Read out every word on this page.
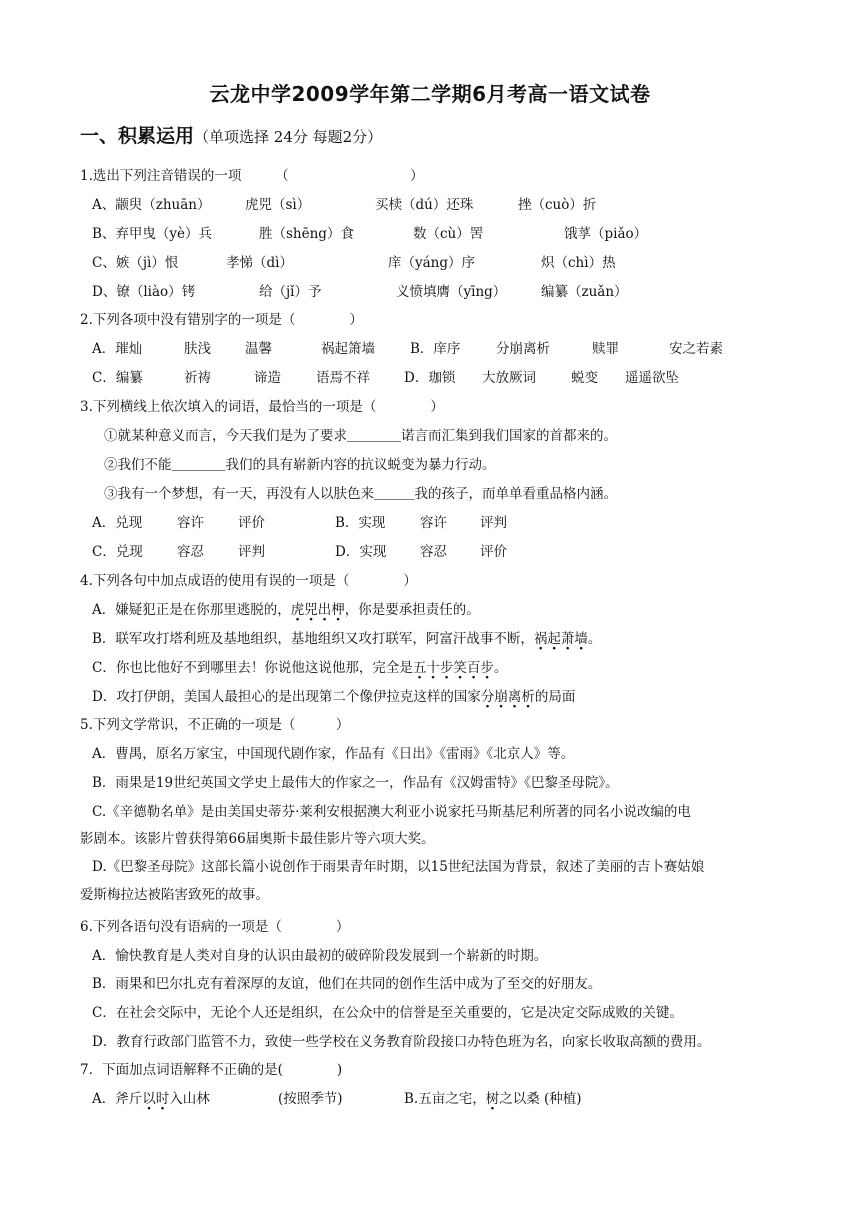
云龙中学2009学年第二学期6月考高一语文试卷
一、积累运用（单项选择 24分 每题2分）
1.选出下列注音错误的一项　　　（　　　　　　　　　）
A、颛臾（zhuān）	虎兕（sì）	买椟（dú）还珠	挫（cuò）折
B、弃甲曳（yè）兵	胜（shēng）食	数（cù）罟	饿莩（piǎo）
C、嫉（jì）恨	孝悌（dì）	庠（yáng）序	炽（chì）热
D、镣（liào）铐	给（jǐ）予	义愤填膺（yīng）	编纂（zuǎn）
2.下列各项中没有错别字的一项是（　　　　）
A．璀灿	肤浅	温馨	祸起箫墙	B．庠序	分崩离析	赎罪	安之若素
C．编纂	祈祷	谛造	语焉不祥	D．珈锁 大放厥词	蜕变 遥遥欲坠
3.下列横线上依次填入的词语，最恰当的一项是（　　　　）
①就某种意义而言，今天我们是为了要求＿＿＿＿诺言而汇集到我们国家的首都来的。
②我们不能＿＿＿＿我们的具有崭新内容的抗议蜕变为暴力行动。
③我有一个梦想，有一天，再没有人以肤色来＿＿＿我的孩子，而单单看重品格内涵。
A．兑现	容许	评价	B．实现	容许 评判
C．兑现	容忍	评判	D．实现 容忍 评价
4.下列各句中加点成语的使用有误的一项是（　　　　）
A．嫌疑犯正是在你那里逃脱的，虎兕出柙，你是要承担责任的。
B．联军攻打塔利班及基地组织，基地组织又攻打联军，阿富汗战事不断，祸起萧墙。
C．你也比他好不到哪里去！你说他这说他那，完全是五十步笑百步。
D．攻打伊朗，美国人最担心的是出现第二个像伊拉克这样的国家分崩离析的局面
5.下列文学常识，不正确的一项是（　　　）
A．曹禺，原名万家宝，中国现代剧作家，作品有《日出》《雷雨》《北京人》等。
B．雨果是19世纪英国文学史上最伟大的作家之一，作品有《汉姆雷特》《巴黎圣母院》。
C.《辛德勒名单》是由美国史蒂芬·莱利安根据澳大利亚小说家托马斯基尼利所著的同名小说改编的电
影剧本。该影片曾获得第66届奥斯卡最佳影片等六项大奖。
D.《巴黎圣母院》这部长篇小说创作于雨果青年时期，以15世纪法国为背景，叙述了美丽的吉卜赛姑娘
爱斯梅拉达被陷害致死的故事。
6.下列各语句没有语病的一项是（　　　　）
A．愉快教育是人类对自身的认识由最初的破碎阶段发展到一个崭新的时期。
B．雨果和巴尔扎克有着深厚的友谊，他们在共同的创作生活中成为了至交的好朋友。
C．在社会交际中，无论个人还是组织，在公众中的信誉是至关重要的，它是决定交际成败的关键。
D．教育行政部门监管不力，致使一些学校在义务教育阶段接口办特色班为名，向家长收取高额的费用。
7．下面加点词语解释不正确的是(　　　　)
A．斧斤以时入山林	(按照季节)	B.五亩之宅，树之以桑 (种植)
